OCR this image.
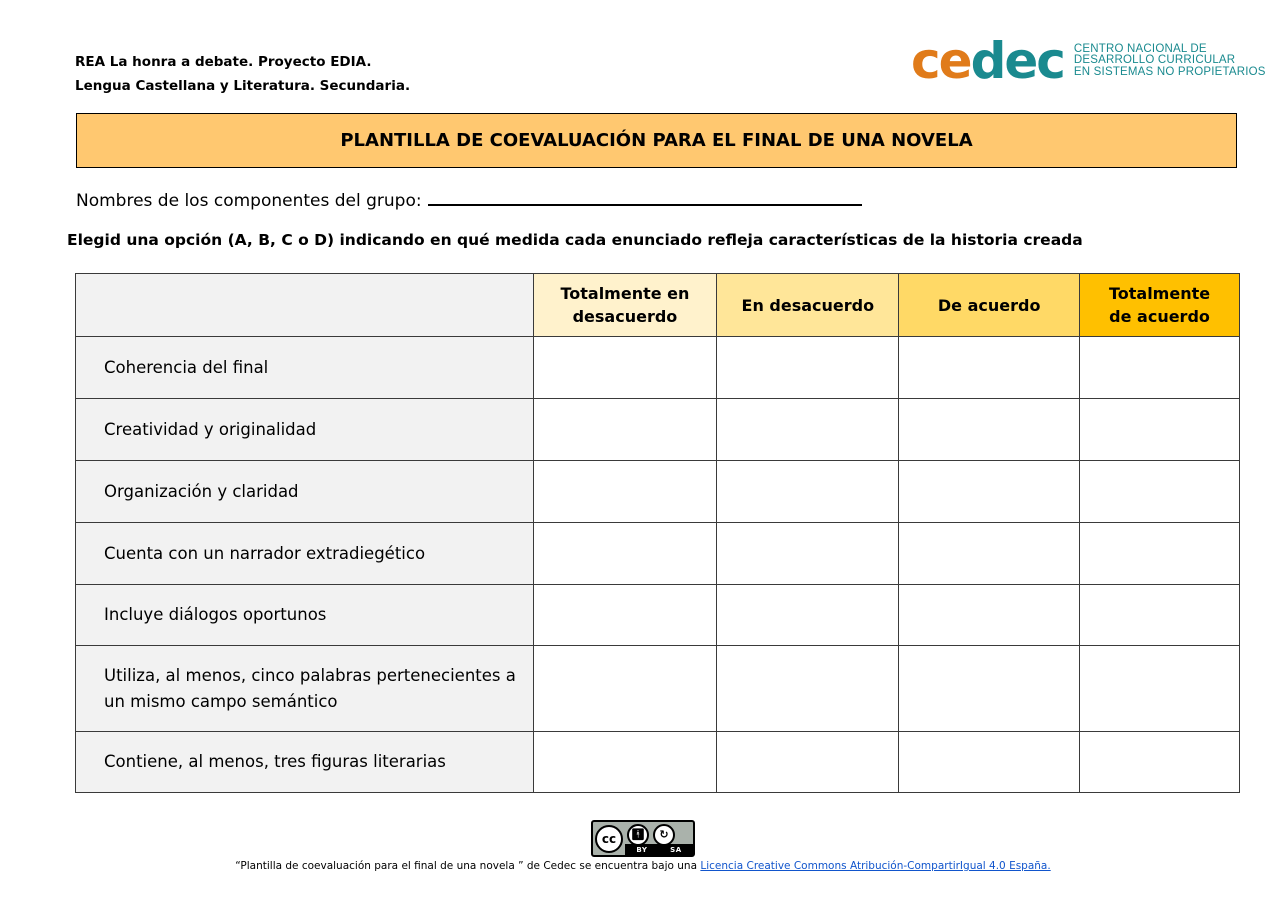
REA La honra a debate. Proyecto EDIA.
Lengua Castellana y Literatura. Secundaria.	cedec CENTRO NACIONAL DE
DESARROLLO CURRICULAR
EN SISTEMAS NO PROPIETARIOS
PLANTILLA DE COEVALUACIÓN PARA EL FINAL DE UNA NOVELA
Nombres de los componentes del grupo:
Elegid una opción (A, B, C o D) indicando en qué medida cada enunciado refleja características de la historia creada
	Totalmente en
desacuerdo	En desacuerdo	De acuerdo	Totalmente
de acuerdo
Coherencia del final				
Creatividad y originalidad				
Organización y claridad				
Cuenta con un narrador extradiegético				
Incluye diálogos oportunos				
Utiliza, al menos, cinco palabras pertenecientes a un mismo campo semántico				
Contiene, al menos, tres figuras literarias				
cc	🚹︎	↻
BY	SA
“Plantilla de coevaluación para el final de una novela ” de Cedec se encuentra bajo una Licencia Creative Commons Atribución-CompartirIgual 4.0 España.
